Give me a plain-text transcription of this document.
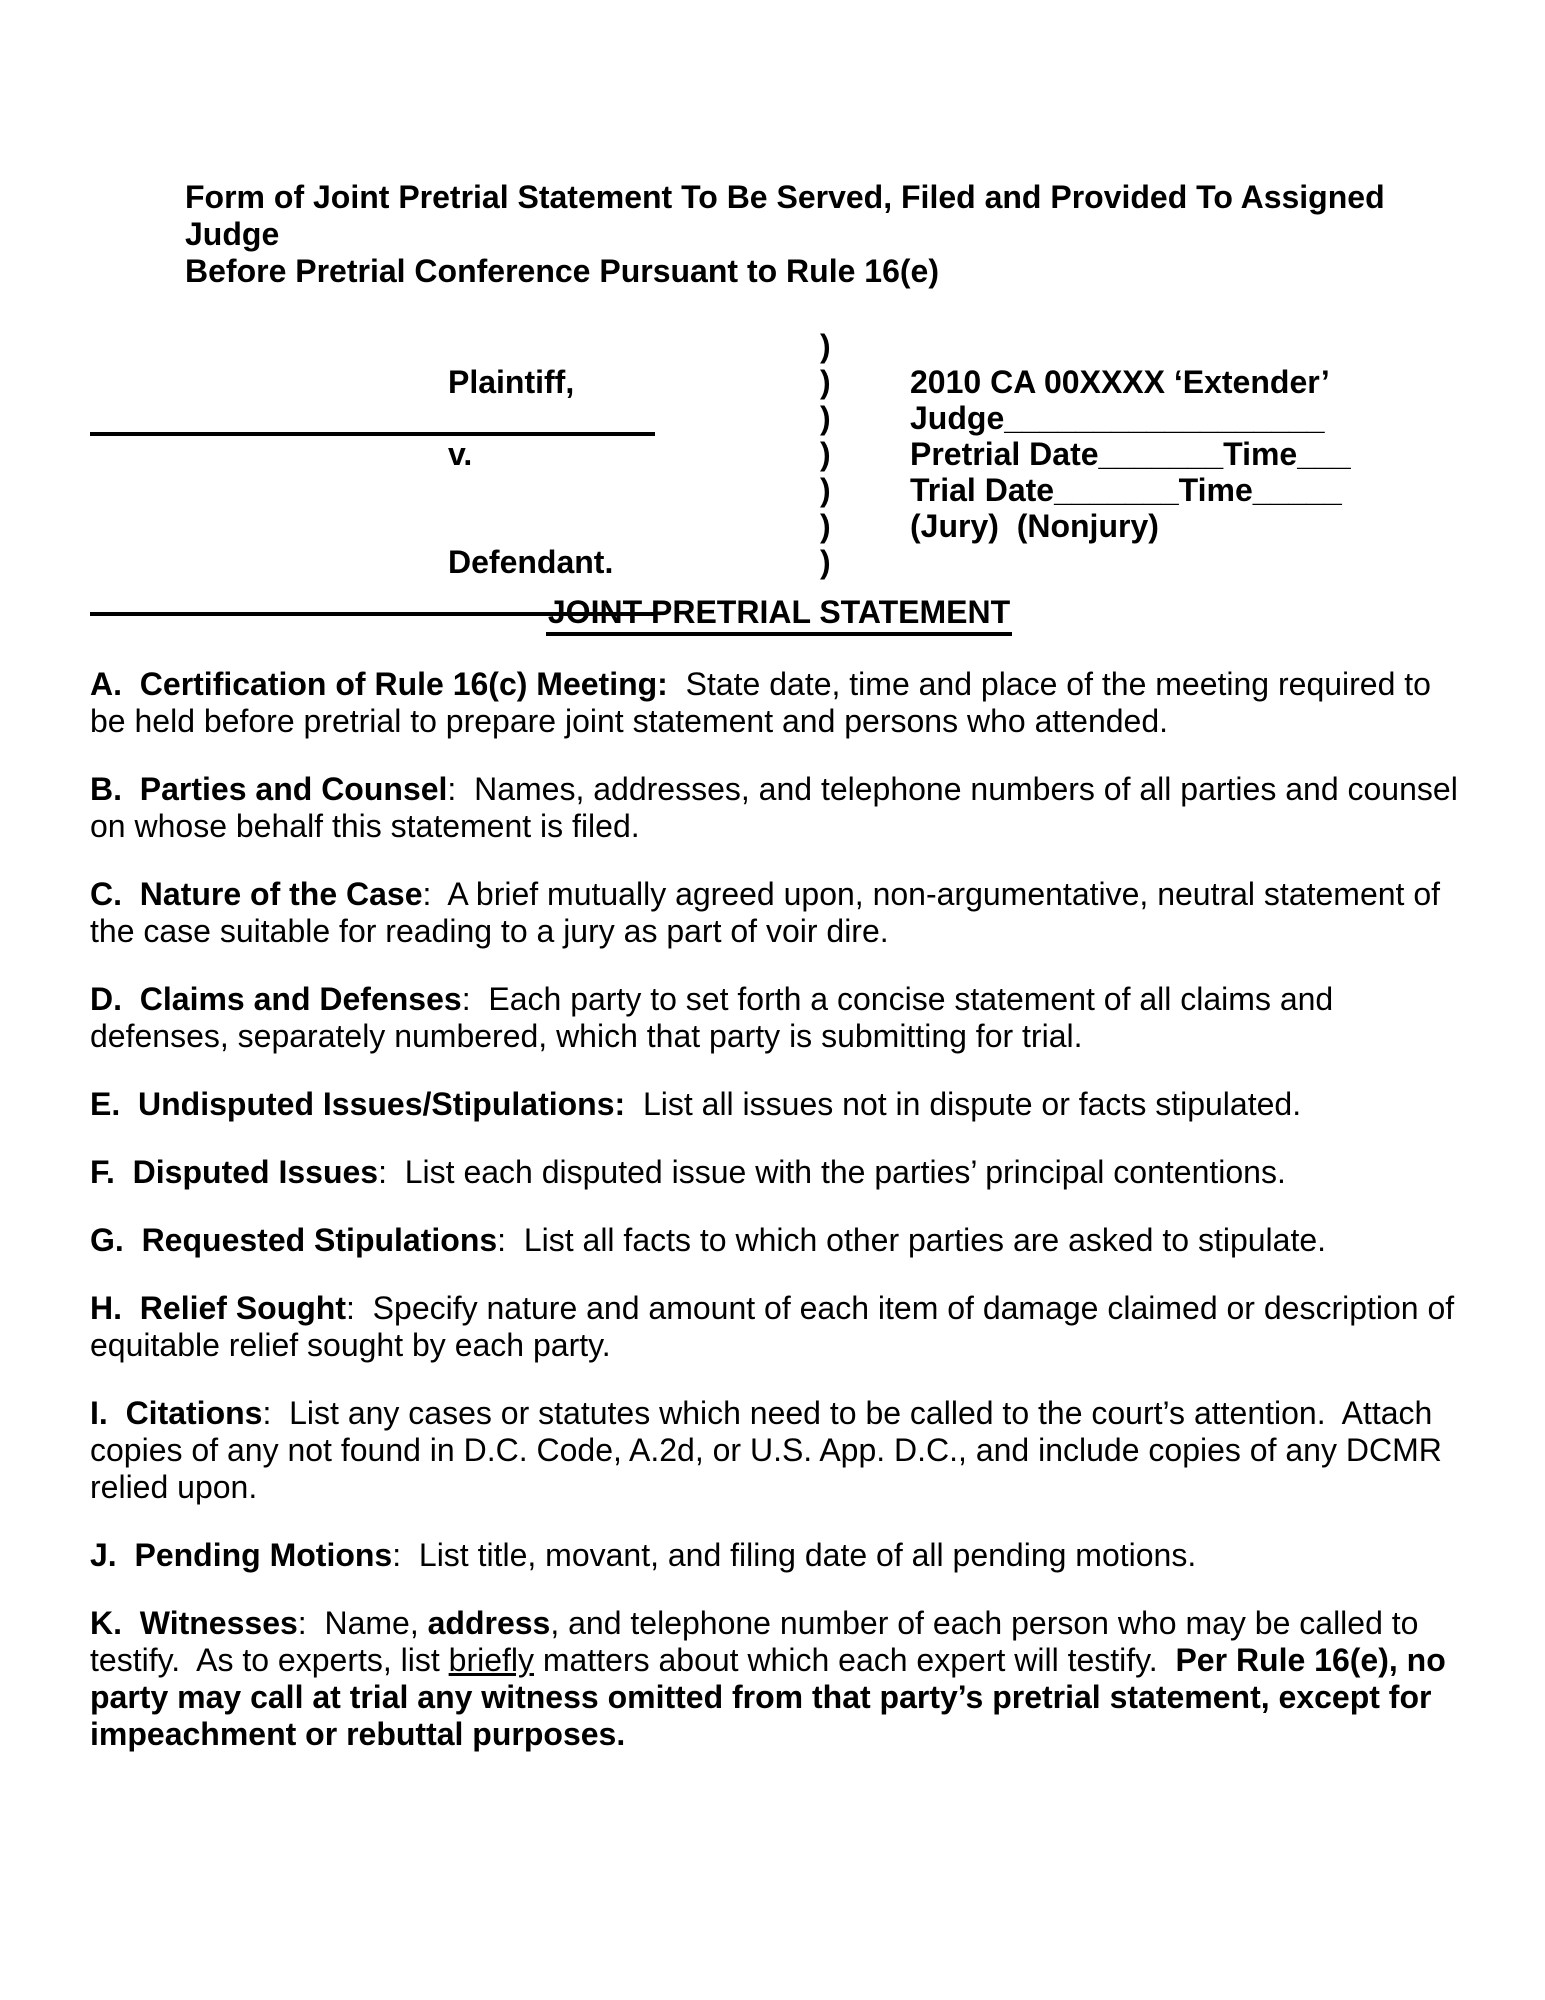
Form of Joint Pretrial Statement To Be Served, Filed and Provided To Assigned Judge
Before Pretrial Conference Pursuant to Rule 16(e)

Plaintiff,
v.

Defendant.
)
)
)
)
)
)
)
2010 CA 00XXXX ‘Extender’
Judge__________________
Pretrial Date_______Time___
Trial Date_______Time_____
(Jury)  (Nonjury)
JOINT PRETRIAL STATEMENT

A.  Certification of Rule 16(c) Meeting:  State date, time and place of the meeting required to be held before pretrial to prepare joint statement and persons who attended.

B.  Parties and Counsel:  Names, addresses, and telephone numbers of all parties and counsel on whose behalf this statement is filed.

C.  Nature of the Case:  A brief mutually agreed upon, non-argumentative, neutral statement of the case suitable for reading to a jury as part of voir dire.

D.  Claims and Defenses:  Each party to set forth a concise statement of all claims and defenses, separately numbered, which that party is submitting for trial.

E.  Undisputed Issues/Stipulations:  List all issues not in dispute or facts stipulated.

F.  Disputed Issues:  List each disputed issue with the parties’ principal contentions.

G.  Requested Stipulations:  List all facts to which other parties are asked to stipulate.

H.  Relief Sought:  Specify nature and amount of each item of damage claimed or description of equitable relief sought by each party.

I.  Citations:  List any cases or statutes which need to be called to the court’s attention.  Attach copies of any not found in D.C. Code, A.2d, or U.S. App. D.C., and include copies of any DCMR relied upon.

J.  Pending Motions:  List title, movant, and filing date of all pending motions.

K.  Witnesses:  Name, address, and telephone number of each person who may be called to testify.  As to experts, list briefly matters about which each expert will testify.  Per Rule 16(e), no party may call at trial any witness omitted from that party’s pretrial statement, except for impeachment or rebuttal purposes.
